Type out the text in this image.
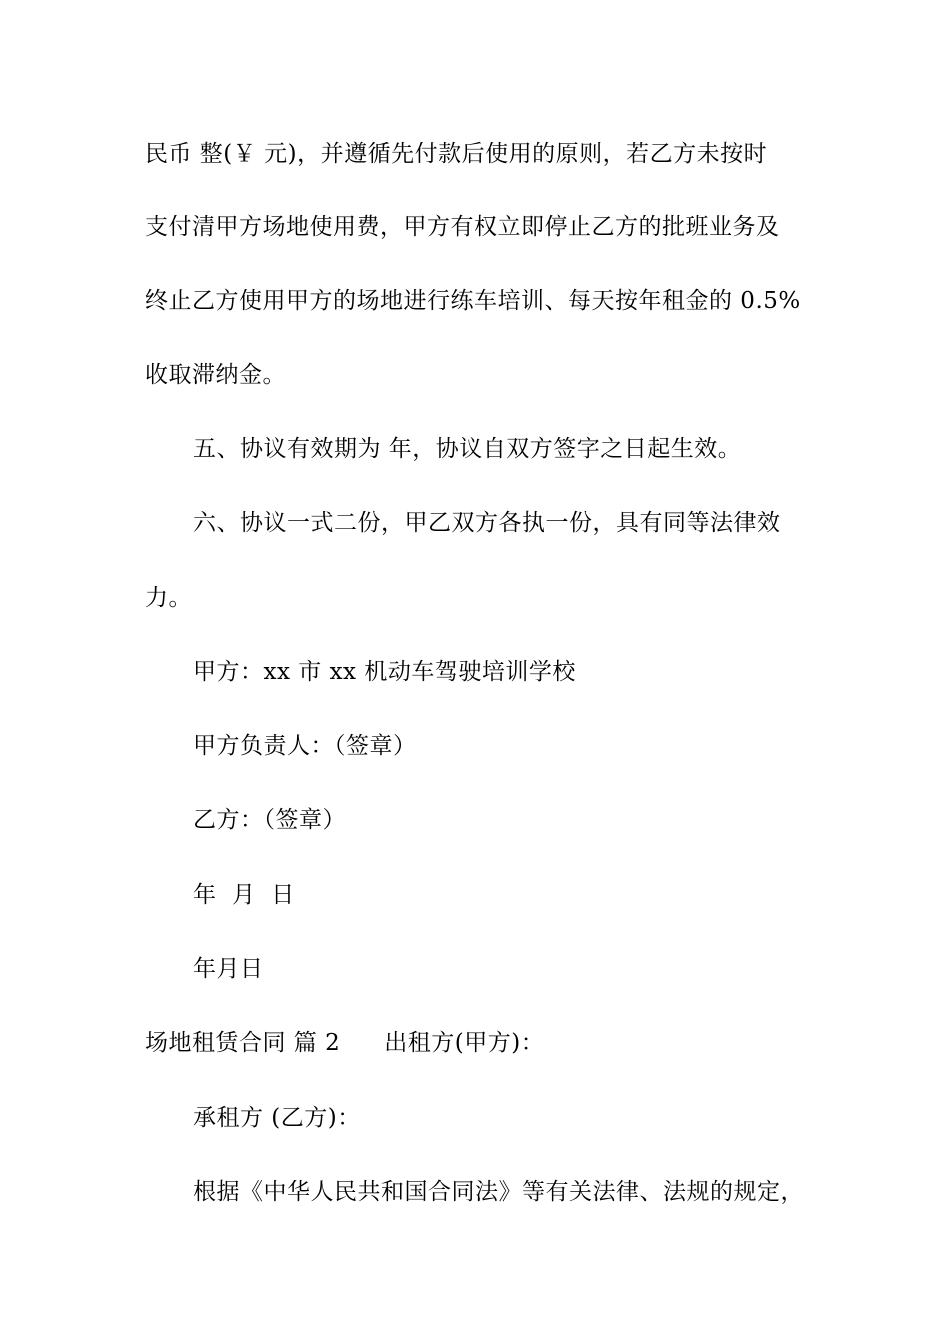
民币 整(￥ 元)，并遵循先付款后使用的原则，若乙方未按时
支付清甲方场地使用费，甲方有权立即停止乙方的批班业务及
终止乙方使用甲方的场地进行练车培训、每天按年租金的 0.5%
收取滞纳金。
五、协议有效期为 年，协议自双方签字之日起生效。
六、协议一式二份，甲乙双方各执一份，具有同等法律效
力。
甲方：xx 市 xx 机动车驾驶培训学校
甲方负责人：（签章）
乙方：（签章）
年  月  日
年月日
场地租赁合同 篇 2 出租方(甲方)：
承租方 (乙方)：
根据《中华人民共和国合同法》等有关法律、法规的规定，
